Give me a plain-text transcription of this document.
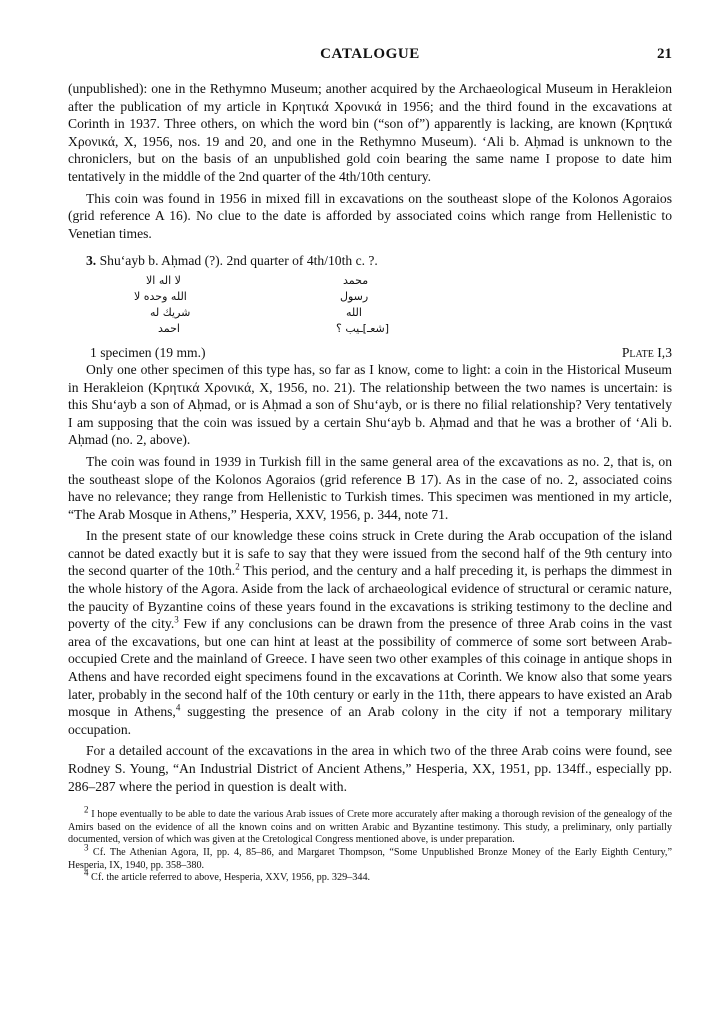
CATALOGUE	21

(unpublished): one in the Rethymno Museum; another acquired by the Archaeological Museum in Herakleion after the publication of my article in Κρητικά Χρονικά in 1956; and the third found in the excavations at Corinth in 1937. Three others, on which the word bin (“son of”) apparently is lacking, are known (Κρητικά Χρονικά, X, 1956, nos. 19 and 20, and one in the Rethymno Museum). ‘Ali b. Aḥmad is unknown to the chroniclers, but on the basis of an unpublished gold coin bearing the same name I propose to date him tentatively in the middle of the 2nd quarter of the 4th/10th century.

This coin was found in 1956 in mixed fill in excavations on the southeast slope of the Kolonos Agoraios (grid reference A 16). No clue to the date is afforded by associated coins which range from Hellenistic to Venetian times.

3. Shu‘ayb b. Aḥmad (?). 2nd quarter of 4th/10th c. ?.
لا اله الا
الله وحده لا
شريك له
احمد
محمد
رسول
الله
[شعـ]ـيب ؟
1 specimen (19 mm.)	Plate I,3

Only one other specimen of this type has, so far as I know, come to light: a coin in the Historical Museum in Herakleion (Κρητικά Χρονικά, X, 1956, no. 21). The relationship between the two names is uncertain: is this Shu‘ayb a son of Aḥmad, or is Aḥmad a son of Shu‘ayb, or is there no filial relationship? Very tentatively I am supposing that the coin was issued by a certain Shu‘ayb b. Aḥmad and that he was a brother of ‘Ali b. Aḥmad (no. 2, above).

The coin was found in 1939 in Turkish fill in the same general area of the excavations as no. 2, that is, on the southeast slope of the Kolonos Agoraios (grid reference B 17). As in the case of no. 2, associated coins have no relevance; they range from Hellenistic to Turkish times. This specimen was mentioned in my article, “The Arab Mosque in Athens,” Hesperia, XXV, 1956, p. 344, note 71.

In the present state of our knowledge these coins struck in Crete during the Arab occupation of the island cannot be dated exactly but it is safe to say that they were issued from the second half of the 9th century into the second quarter of the 10th.$^2$ This period, and the century and a half preceding it, is perhaps the dimmest in the whole history of the Agora. Aside from the lack of archaeological evidence of structural or ceramic nature, the paucity of Byzantine coins of these years found in the excavations is striking testimony to the decline and poverty of the city.$^3$ Few if any conclusions can be drawn from the presence of three Arab coins in the vast area of the excavations, but one can hint at least at the possibility of commerce of some sort between Arab-occupied Crete and the mainland of Greece. I have seen two other examples of this coinage in antique shops in Athens and have recorded eight specimens found in the excavations at Corinth. We know also that some years later, probably in the second half of the 10th century or early in the 11th, there appears to have existed an Arab mosque in Athens,$^4$ suggesting the presence of an Arab colony in the city if not a temporary military occupation.

For a detailed account of the excavations in the area in which two of the three Arab coins were found, see Rodney S. Young, “An Industrial District of Ancient Athens,” Hesperia, XX, 1951, pp. 134ff., especially pp. 286–287 where the period in question is dealt with.

$^2$ I hope eventually to be able to date the various Arab issues of Crete more accurately after making a thorough revision of the genealogy of the Amirs based on the evidence of all the known coins and on written Arabic and Byzantine testimony. This study, a preliminary, only partially documented, version of which was given at the Cretological Congress mentioned above, is under preparation.

$^3$ Cf. The Athenian Agora, II, pp. 4, 85–86, and Margaret Thompson, “Some Unpublished Bronze Money of the Early Eighth Century,” Hesperia, IX, 1940, pp. 358–380.

$^4$ Cf. the article referred to above, Hesperia, XXV, 1956, pp. 329–344.
